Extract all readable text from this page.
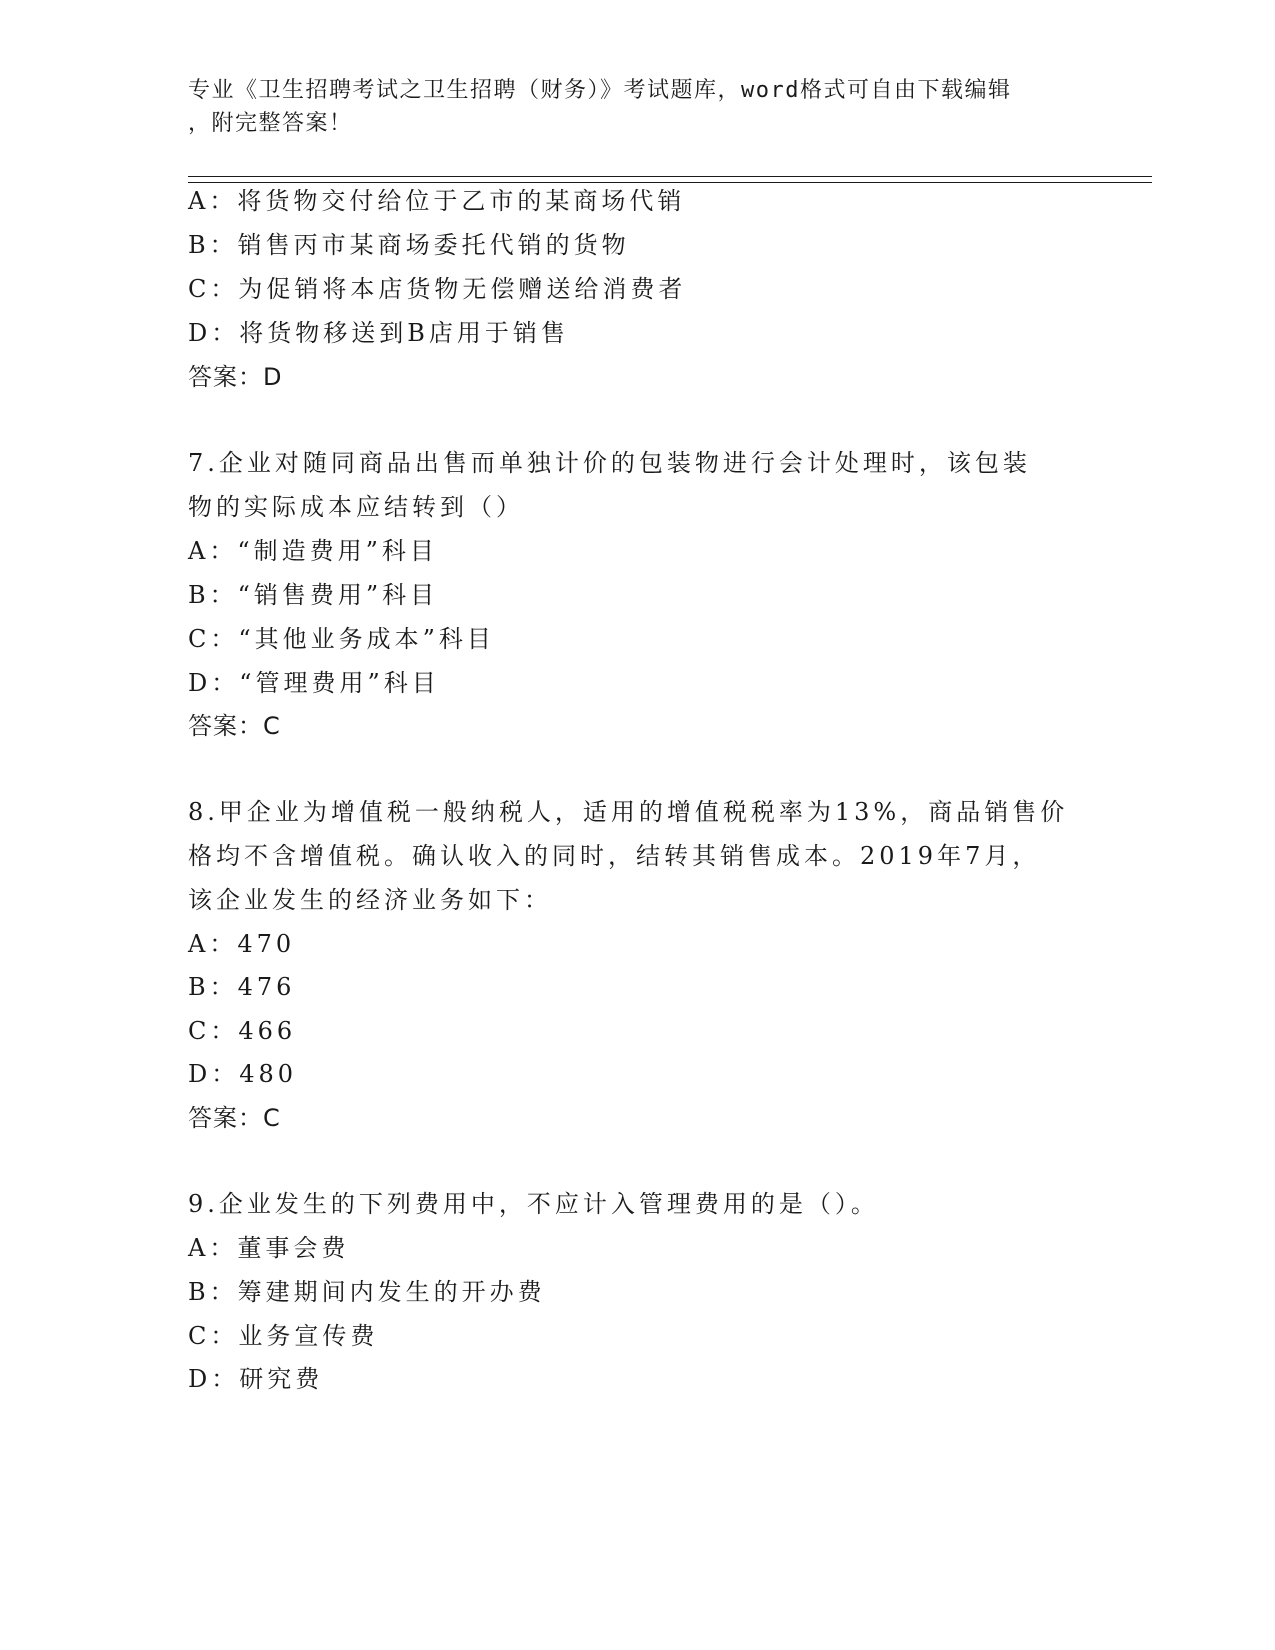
专业《卫生招聘考试之卫生招聘（财务）》考试题库，word格式可自由下载编辑
，附完整答案！
A：将货物交付给位于乙市的某商场代销
B：销售丙市某商场委托代销的货物
C：为促销将本店货物无偿赠送给消费者
D：将货物移送到B店用于销售
答案：D
7.企业对随同商品出售而单独计价的包装物进行会计处理时，该包装
物的实际成本应结转到（）
A：“制造费用”科目
B：“销售费用”科目
C：“其他业务成本”科目
D：“管理费用”科目
答案：C
8.甲企业为增值税一般纳税人，适用的增值税税率为13%，商品销售价
格均不含增值税。确认收入的同时，结转其销售成本。2019年7月，
该企业发生的经济业务如下：
A：470
B：476
C：466
D：480
答案：C
9.企业发生的下列费用中，不应计入管理费用的是（）。
A：董事会费
B：筹建期间内发生的开办费
C：业务宣传费
D：研究费
